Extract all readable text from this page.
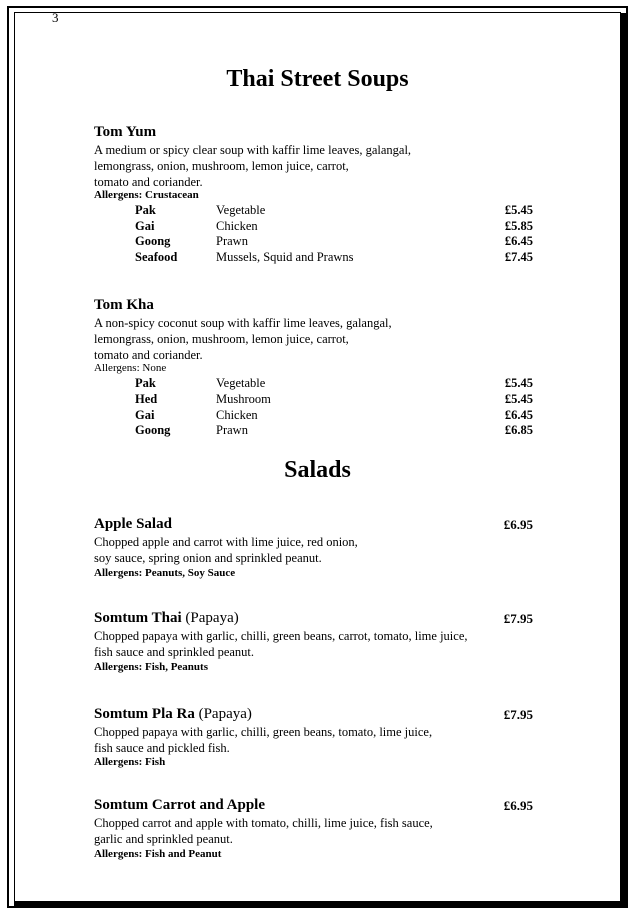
3
Thai Street Soups
Tom Yum
A medium or spicy clear soup with kaffir lime leaves, galangal,
lemongrass, onion, mushroom, lemon juice, carrot,
tomato and coriander.
Allergens: Crustacean
Pak	Vegetable	£5.45
Gai	Chicken	£5.85
Goong	Prawn	£6.45
Seafood	Mussels, Squid and Prawns	£7.45
Tom Kha
A non-spicy coconut soup with kaffir lime leaves, galangal,
lemongrass, onion, mushroom, lemon juice, carrot,
tomato and coriander.
Allergens: None
Pak	Vegetable	£5.45
Hed	Mushroom	£5.45
Gai	Chicken	£6.45
Goong	Prawn	£6.85
Salads
Apple Salad	£6.95
Chopped apple and carrot with lime juice, red onion,
soy sauce, spring onion and sprinkled peanut.
Allergens: Peanuts, Soy Sauce
Somtum Thai (Papaya)	£7.95
Chopped papaya with garlic, chilli, green beans, carrot, tomato, lime juice,
fish sauce and sprinkled peanut.
Allergens: Fish, Peanuts
Somtum Pla Ra (Papaya)	£7.95
Chopped papaya with garlic, chilli, green beans, tomato, lime juice,
fish sauce and pickled fish.
Allergens: Fish
Somtum Carrot and Apple	£6.95
Chopped carrot and apple with tomato, chilli, lime juice, fish sauce,
garlic and sprinkled peanut.
Allergens: Fish and Peanut
